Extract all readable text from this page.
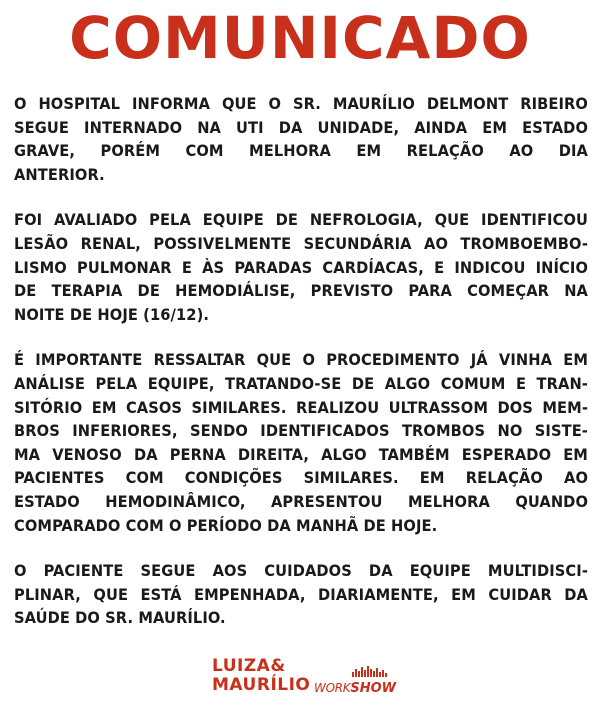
COMUNICADO

O HOSPITAL INFORMA QUE O SR. MAURÍLIO DELMONT RIBEIRO
SEGUE INTERNADO NA UTI DA UNIDADE, AINDA EM ESTADO
GRAVE, PORÉM COM MELHORA EM RELAÇÃO AO DIA
ANTERIOR.

FOI AVALIADO PELA EQUIPE DE NEFROLOGIA, QUE IDENTIFICOU
LESÃO RENAL, POSSIVELMENTE SECUNDÁRIA AO TROMBOEMBO-
LISMO PULMONAR E ÀS PARADAS CARDÍACAS, E INDICOU INÍCIO
DE TERAPIA DE HEMODIÁLISE, PREVISTO PARA COMEÇAR NA
NOITE DE HOJE (16/12).

É IMPORTANTE RESSALTAR QUE O PROCEDIMENTO JÁ VINHA EM
ANÁLISE PELA EQUIPE, TRATANDO-SE DE ALGO COMUM E TRAN-
SITÓRIO EM CASOS SIMILARES. REALIZOU ULTRASSOM DOS MEM-
BROS INFERIORES, SENDO IDENTIFICADOS TROMBOS NO SISTE-
MA VENOSO DA PERNA DIREITA, ALGO TAMBÉM ESPERADO EM
PACIENTES COM CONDIÇÕES SIMILARES. EM RELAÇÃO AO
ESTADO HEMODINÂMICO, APRESENTOU MELHORA QUANDO
COMPARADO COM O PERÍODO DA MANHÃ DE HOJE.

O PACIENTE SEGUE AOS CUIDADOS DA EQUIPE MULTIDISCI-
PLINAR, QUE ESTÁ EMPENHADA, DIARIAMENTE, EM CUIDAR DA
SAÚDE DO SR. MAURÍLIO.

LUIZA&
MAURÍLIO WORKSHOW
